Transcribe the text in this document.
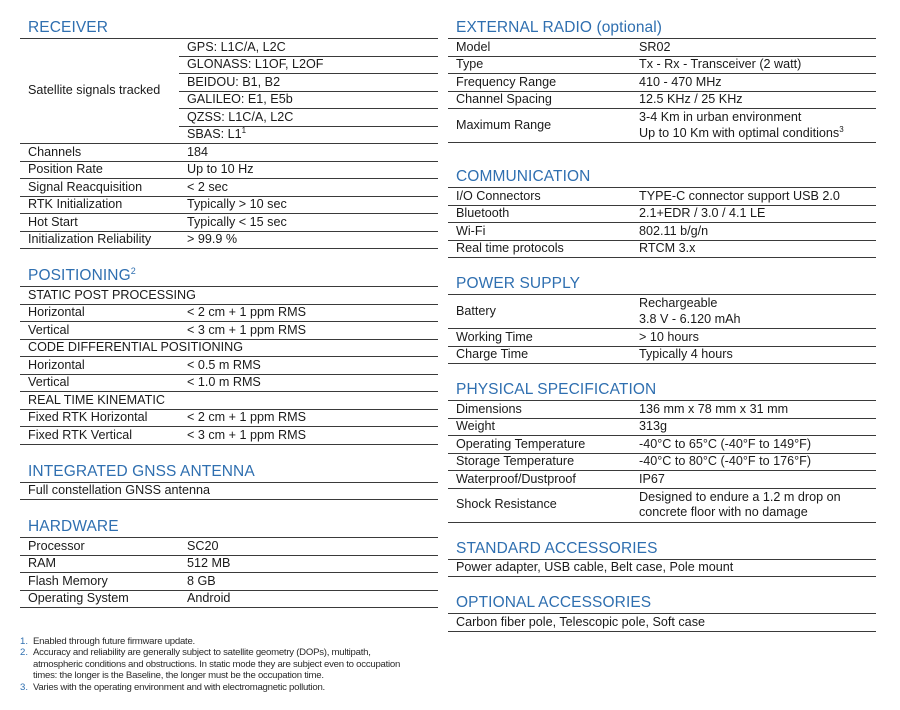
RECEIVER
Satellite signals tracked	GPS: L1C/A, L2C
	GLONASS: L1OF, L2OF
	BEIDOU: B1, B2
	GALILEO: E1, E5b
	QZSS: L1C/A, L2C
	SBAS: $L1^1$
Channels	184
Position Rate	Up to 10 Hz
Signal Reacquisition	< 2 sec
RTK Initialization	Typically > 10 sec
Hot Start	Typically < 15 sec
Initialization Reliability	> 99.9 %
POSITIONING$^2$
STATIC POST PROCESSING	
Horizontal	< 2 cm + 1 ppm RMS
Vertical	< 3 cm + 1 ppm RMS
CODE DIFFERENTIAL POSITIONING	
Horizontal	< 0.5 m RMS
Vertical	< 1.0 m RMS
REAL TIME KINEMATIC	
Fixed RTK Horizontal	< 2 cm + 1 ppm RMS
Fixed RTK Vertical	< 3 cm + 1 ppm RMS
INTEGRATED GNSS ANTENNA
Full constellation GNSS antenna
HARDWARE
Processor	SC20
RAM	512 MB
Flash Memory	8 GB
Operating System	Android
EXTERNAL RADIO (optional)
Model	SR02
Type	Tx - Rx - Transceiver (2 watt)
Frequency Range	410 - 470 MHz
Channel Spacing	12.5 KHz / 25 KHz
Maximum Range	3-4 Km in urban environment
Up to 10 Km with optimal conditions$^3$
COMMUNICATION
I/O Connectors	TYPE-C connector support USB 2.0
Bluetooth	2.1+EDR / 3.0 / 4.1 LE
Wi-Fi	802.11 b/g/n
Real time protocols	RTCM 3.x
POWER SUPPLY
Battery	Rechargeable
3.8 V - 6.120 mAh

Working Time	> 10 hours
Charge Time	Typically 4 hours
PHYSICAL SPECIFICATION
Dimensions	136 mm x 78 mm x 31 mm
Weight	313g
Operating Temperature	-40°C to 65°C (-40°F to 149°F)
Storage Temperature	-40°C to 80°C (-40°F to 176°F)
Waterproof/Dustproof	IP67
Shock Resistance	Designed to endure a 1.2 m drop on
concrete floor with no damage
STANDARD ACCESSORIES
Power adapter, USB cable, Belt case, Pole mount
OPTIONAL ACCESSORIES
Carbon fiber pole, Telescopic pole, Soft case
1. Enabled through future firmware update.
2. Accuracy and reliability are generally subject to satellite geometry (DOPs), multipath,
atmospheric conditions and obstructions. In static mode they are subject even to occupation
times: the longer is the Baseline, the longer must be the occupation time.
3. Varies with the operating environment and with electromagnetic pollution.
